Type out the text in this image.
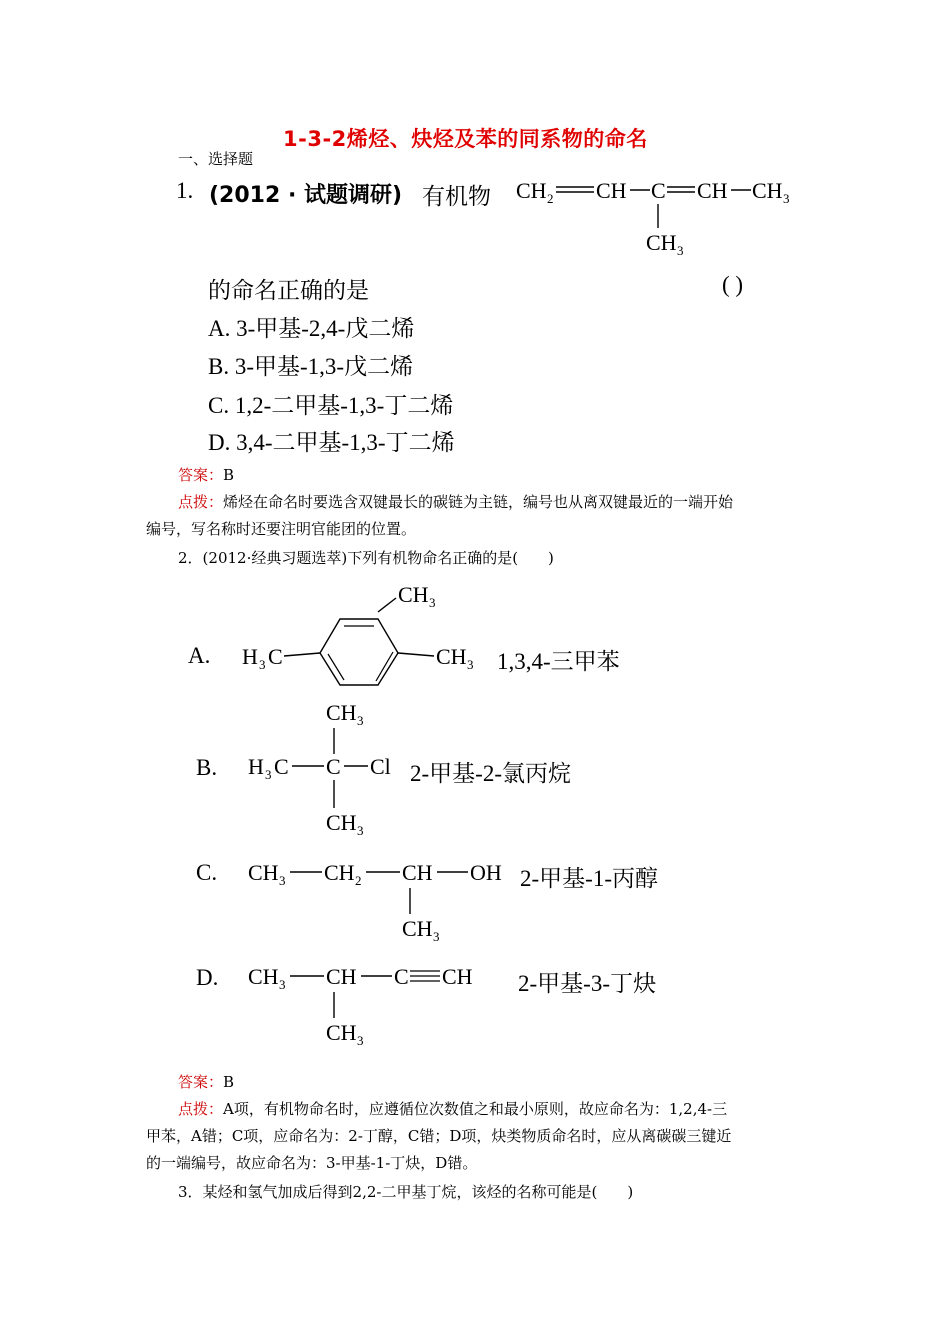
1-3-2烯烃、炔烃及苯的同系物的命名
一、选择题
1. (2012 · 试题调研) 有机物 CH 2 CH C CH CH 3
CH 3
的命名正确的是	( )
A. 3-甲基-2,4-戊二烯
B. 3-甲基-1,3-戊二烯
C. 1,2-二甲基-1,3-丁二烯
D. 3,4-二甲基-1,3-丁二烯
答案：B
点拨：烯烃在命名时要选含双键最长的碳链为主链，编号也从离双键最近的一端开始
编号，写名称时还要注明官能团的位置。
2．(2012·经典习题选萃)下列有机物命名正确的是(　　)
A.
CH 3
H 3 C	CH 3 1,3,4-三甲苯
B.
CH 3
H 3 C C Cl
CH 3
2-甲基-2-氯丙烷
C. CH 3 CH 2 CH OH
CH 3
2-甲基-1-丙醇
D. CH 3 CH C CH
CH 3
2-甲基-3-丁炔
答案：B
点拨：A项，有机物命名时，应遵循位次数值之和最小原则，故应命名为：1,2,4-三
甲苯，A错；C项，应命名为：2-丁醇，C错；D项，炔类物质命名时，应从离碳碳三键近
的一端编号，故应命名为：3-甲基-1-丁炔，D错。
3．某烃和氢气加成后得到2,2-二甲基丁烷，该烃的名称可能是(　　)
